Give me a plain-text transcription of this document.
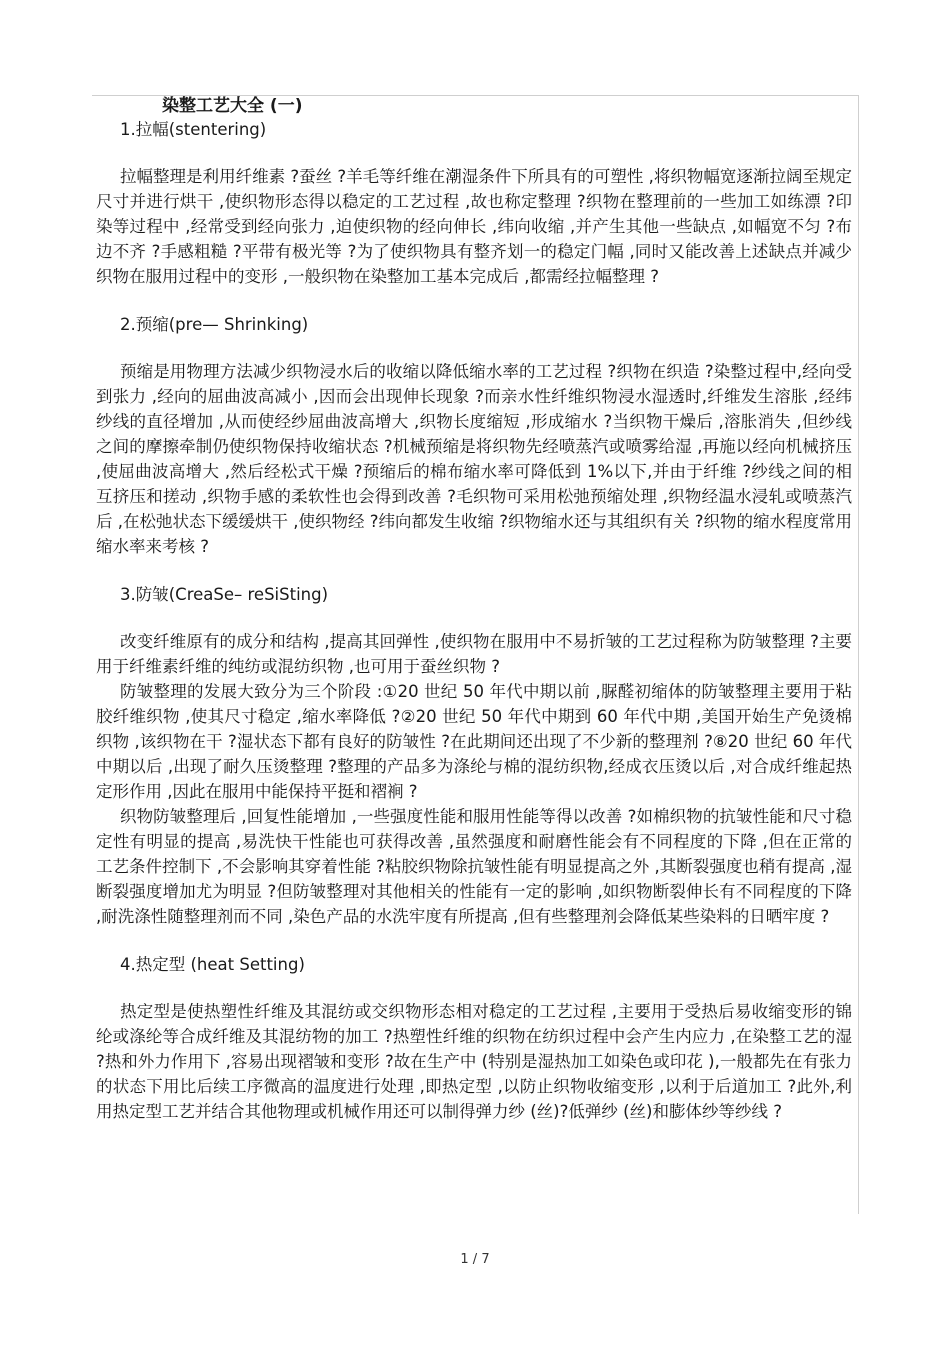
染整工艺大全 (一)
1.拉幅(stentering)

拉幅整理是利用纤维素 ?蚕丝 ?羊毛等纤维在潮湿条件下所具有的可塑性 ,将织物幅宽逐渐拉阔至规定尺寸并进行烘干 ,使织物形态得以稳定的工艺过程 ,故也称定整理 ?织物在整理前的一些加工如练漂 ?印染等过程中 ,经常受到经向张力 ,迫使织物的经向伸长 ,纬向收缩 ,并产生其他一些缺点 ,如幅宽不匀 ?布边不齐 ?手感粗糙 ?平带有极光等 ?为了使织物具有整齐划一的稳定门幅 ,同时又能改善上述缺点并减少织物在服用过程中的变形 ,一般织物在染整加工基本完成后 ,都需经拉幅整理 ?

2.预缩(pre— Shrinking)

预缩是用物理方法减少织物浸水后的收缩以降低缩水率的工艺过程 ?织物在织造 ?染整过程中,经向受到张力 ,经向的屈曲波高减小 ,因而会出现伸长现象 ?而亲水性纤维织物浸水湿透时,纤维发生溶胀 ,经纬纱线的直径增加 ,从而使经纱屈曲波高增大 ,织物长度缩短 ,形成缩水 ?当织物干燥后 ,溶胀消失 ,但纱线之间的摩擦牵制仍使织物保持收缩状态 ?机械预缩是将织物先经喷蒸汽或喷雾给湿 ,再施以经向机械挤压 ,使屈曲波高增大 ,然后经松式干燥 ?预缩后的棉布缩水率可降低到 1%以下,并由于纤维 ?纱线之间的相互挤压和搓动 ,织物手感的柔软性也会得到改善 ?毛织物可采用松弛预缩处理 ,织物经温水浸轧或喷蒸汽后 ,在松弛状态下缓缓烘干 ,使织物经 ?纬向都发生收缩 ?织物缩水还与其组织有关 ?织物的缩水程度常用缩水率来考核 ?

3.防皱(CreaSe– reSiSting)

改变纤维原有的成分和结构 ,提高其回弹性 ,使织物在服用中不易折皱的工艺过程称为防皱整理 ?主要用于纤维素纤维的纯纺或混纺织物 ,也可用于蚕丝织物 ?

防皱整理的发展大致分为三个阶段 :①20 世纪 50 年代中期以前 ,脲醛初缩体的防皱整理主要用于粘胶纤维织物 ,使其尺寸稳定 ,缩水率降低 ?②20 世纪 50 年代中期到 60 年代中期 ,美国开始生产免烫棉织物 ,该织物在干 ?湿状态下都有良好的防皱性 ?在此期间还出现了不少新的整理剂 ?⑧20 世纪 60 年代中期以后 ,出现了耐久压烫整理 ?整理的产品多为涤纶与棉的混纺织物,经成衣压烫以后 ,对合成纤维起热定形作用 ,因此在服用中能保持平挺和褶裥 ?

织物防皱整理后 ,回复性能增加 ,一些强度性能和服用性能等得以改善 ?如棉织物的抗皱性能和尺寸稳定性有明显的提高 ,易洗快干性能也可获得改善 ,虽然强度和耐磨性能会有不同程度的下降 ,但在正常的工艺条件控制下 ,不会影响其穿着性能 ?粘胶织物除抗皱性能有明显提高之外 ,其断裂强度也稍有提高 ,湿断裂强度增加尤为明显 ?但防皱整理对其他相关的性能有一定的影响 ,如织物断裂伸长有不同程度的下降 ,耐洗涤性随整理剂而不同 ,染色产品的水洗牢度有所提高 ,但有些整理剂会降低某些染料的日晒牢度 ?

4.热定型 (heat Setting)

热定型是使热塑性纤维及其混纺或交织物形态相对稳定的工艺过程 ,主要用于受热后易收缩变形的锦纶或涤纶等合成纤维及其混纺物的加工 ?热塑性纤维的织物在纺织过程中会产生内应力 ,在染整工艺的湿 ?热和外力作用下 ,容易出现褶皱和变形 ?故在生产中 (特别是湿热加工如染色或印花 ),一般都先在有张力的状态下用比后续工序微高的温度进行处理 ,即热定型 ,以防止织物收缩变形 ,以利于后道加工 ?此外,利用热定型工艺并结合其他物理或机械作用还可以制得弹力纱 (丝)?低弹纱 (丝)和膨体纱等纱线 ?

1 / 7
